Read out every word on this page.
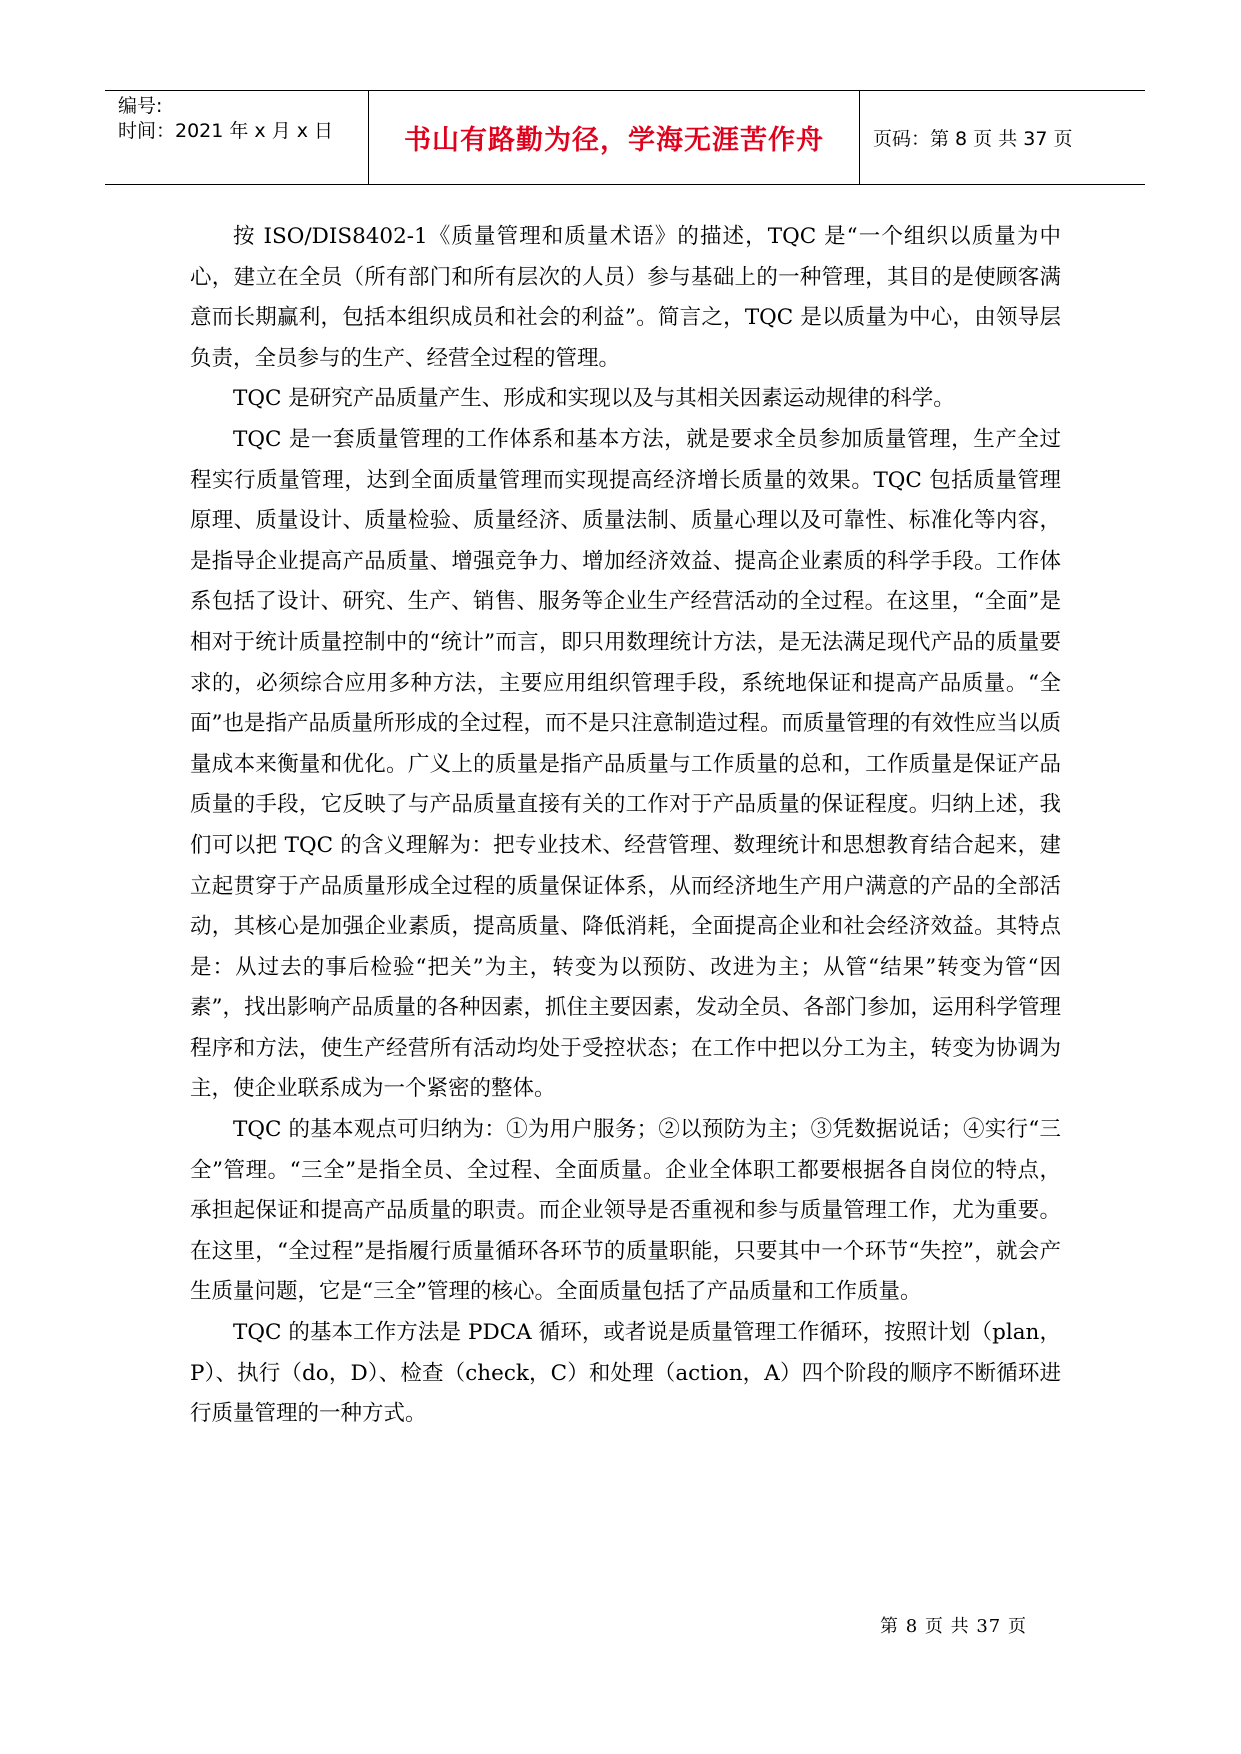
编号:
时间：2021 年 x 月 x 日	书山有路勤为径，学海无涯苦作舟	页码：第 8 页 共 37 页

按 ISO/DIS8402-1《质量管理和质量术语》的描述，TQC 是“一个组织以质量为中心，建立在全员（所有部门和所有层次的人员）参与基础上的一种管理，其目的是使顾客满意而长期赢利，包括本组织成员和社会的利益”。简言之，TQC 是以质量为中心，由领导层负责，全员参与的生产、经营全过程的管理。

TQC 是研究产品质量产生、形成和实现以及与其相关因素运动规律的科学。

TQC 是一套质量管理的工作体系和基本方法，就是要求全员参加质量管理，生产全过程实行质量管理，达到全面质量管理而实现提高经济增长质量的效果。TQC 包括质量管理原理、质量设计、质量检验、质量经济、质量法制、质量心理以及可靠性、标准化等内容，是指导企业提高产品质量、增强竞争力、增加经济效益、提高企业素质的科学手段。工作体系包括了设计、研究、生产、销售、服务等企业生产经营活动的全过程。在这里，“全面”是相对于统计质量控制中的“统计”而言，即只用数理统计方法，是无法满足现代产品的质量要求的，必须综合应用多种方法，主要应用组织管理手段，系统地保证和提高产品质量。“全面”也是指产品质量所形成的全过程，而不是只注意制造过程。而质量管理的有效性应当以质量成本来衡量和优化。广义上的质量是指产品质量与工作质量的总和，工作质量是保证产品质量的手段，它反映了与产品质量直接有关的工作对于产品质量的保证程度。归纳上述，我们可以把 TQC 的含义理解为：把专业技术、经营管理、数理统计和思想教育结合起来，建立起贯穿于产品质量形成全过程的质量保证体系，从而经济地生产用户满意的产品的全部活动，其核心是加强企业素质，提高质量、降低消耗，全面提高企业和社会经济效益。其特点是：从过去的事后检验“把关”为主，转变为以预防、改进为主；从管“结果”转变为管“因素”，找出影响产品质量的各种因素，抓住主要因素，发动全员、各部门参加，运用科学管理程序和方法，使生产经营所有活动均处于受控状态；在工作中把以分工为主，转变为协调为主，使企业联系成为一个紧密的整体。

TQC 的基本观点可归纳为：①为用户服务；②以预防为主；③凭数据说话；④实行“三全”管理。“三全”是指全员、全过程、全面质量。企业全体职工都要根据各自岗位的特点，承担起保证和提高产品质量的职责。而企业领导是否重视和参与质量管理工作，尤为重要。在这里，“全过程”是指履行质量循环各环节的质量职能，只要其中一个环节“失控”，就会产生质量问题，它是“三全”管理的核心。全面质量包括了产品质量和工作质量。

TQC 的基本工作方法是 PDCA 循环，或者说是质量管理工作循环，按照计划（plan，P）、执行（do，D）、检查（check，C）和处理（action，A）四个阶段的顺序不断循环进行质量管理的一种方式。

第 8 页 共 37 页
